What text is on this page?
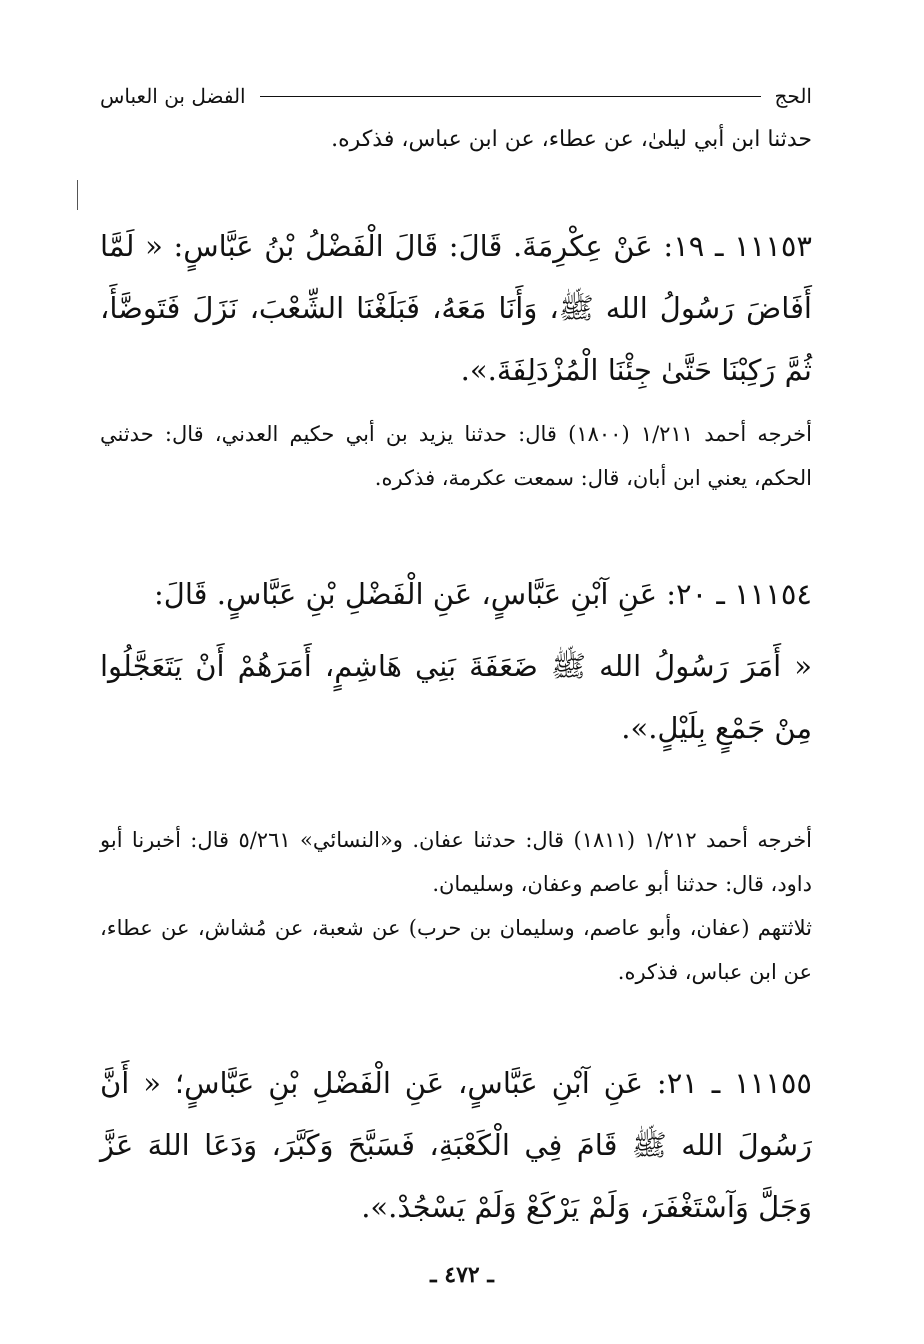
الحج
الفضل بن العباس

حدثنا ابن أبي ليلىٰ، عن عطاء، عن ابن عباس، فذكره.

١١١٥٣ ـ ١٩: عَنْ عِكْرِمَةَ. قَالَ: قَالَ الْفَضْلُ بْنُ عَبَّاسٍ: « لَمَّا أَفَاضَ رَسُولُ الله ﷺ، وَأَنَا مَعَهُ، فَبَلَغْنَا الشِّعْبَ، نَزَلَ فَتَوضَّأَ، ثُمَّ رَكِبْنَا حَتَّىٰ جِئْنَا الْمُزْدَلِفَةَ.».

أخرجه أحمد ١/٢١١ (١٨٠٠) قال: حدثنا يزيد بن أبي حكيم العدني، قال: حدثني الحكم، يعني ابن أبان، قال: سمعت عكرمة، فذكره.

١١١٥٤ ـ ٢٠: عَنِ آبْنِ عَبَّاسٍ، عَنِ الْفَضْلِ بْنِ عَبَّاسٍ. قَالَ:

« أَمَرَ رَسُولُ الله ﷺ ضَعَفَةَ بَنِي هَاشِمٍ، أَمَرَهُمْ أَنْ يَتَعَجَّلُوا مِنْ جَمْعٍ بِلَيْلٍ.».

أخرجه أحمد ١/٢١٢ (١٨١١) قال: حدثنا عفان. و«النسائي» ٥/٢٦١ قال: أخبرنا أبو داود، قال: حدثنا أبو عاصم وعفان، وسليمان.

ثلاثتهم (عفان، وأبو عاصم، وسليمان بن حرب) عن شعبة، عن مُشاش، عن عطاء، عن ابن عباس، فذكره.

١١١٥٥ ـ ٢١: عَنِ آبْنِ عَبَّاسٍ، عَنِ الْفَضْلِ بْنِ عَبَّاسٍ؛ « أَنَّ رَسُولَ الله ﷺ قَامَ فِي الْكَعْبَةِ، فَسَبَّحَ وَكَبَّرَ، وَدَعَا اللهَ عَزَّ وَجَلَّ وَآسْتَغْفَرَ، وَلَمْ يَرْكَعْ وَلَمْ يَسْجُدْ.».
ـ ٤٧٢ ـ
